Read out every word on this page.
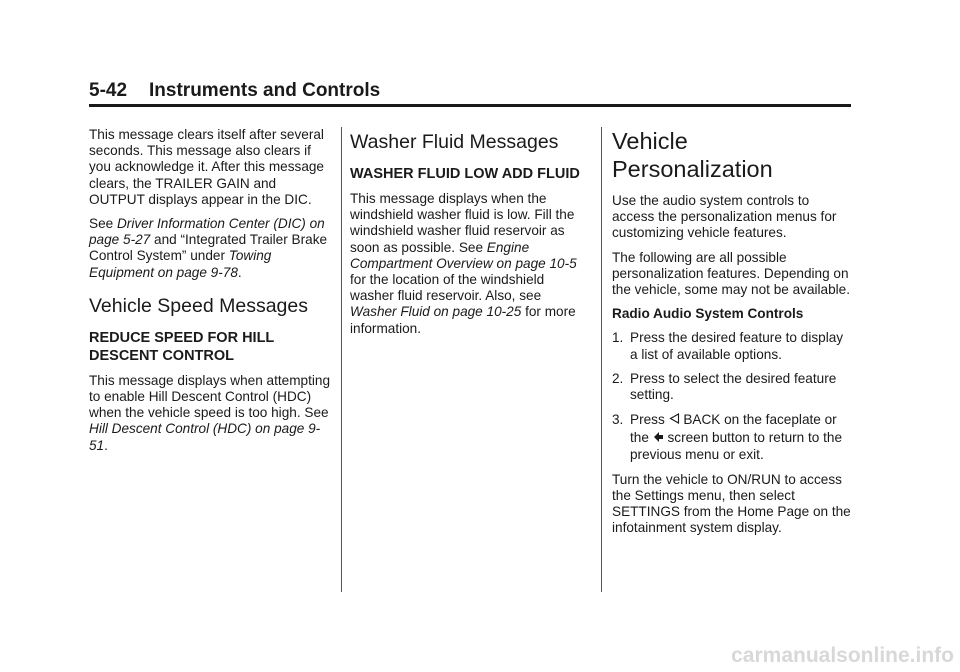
5-42 Instruments and Controls

This message clears itself after several seconds. This message also clears if you acknowledge it. After this message clears, the TRAILER GAIN and OUTPUT displays appear in the DIC.

See Driver Information Center (DIC) on page 5-27 and “Integrated Trailer Brake Control System” under Towing Equipment on page 9-78.

Vehicle Speed Messages
REDUCE SPEED FOR HILL DESCENT CONTROL

This message displays when attempting to enable Hill Descent Control (HDC) when the vehicle speed is too high. See Hill Descent Control (HDC) on page 9-51.

Washer Fluid Messages
WASHER FLUID LOW ADD FLUID

This message displays when the windshield washer fluid is low. Fill the windshield washer fluid reservoir as soon as possible. See Engine Compartment Overview on page 10-5 for the location of the windshield washer fluid reservoir. Also, see Washer Fluid on page 10-25 for more information.

Vehicle Personalization

Use the audio system controls to access the personalization menus for customizing vehicle features.

The following are all possible personalization features. Depending on the vehicle, some may not be available.

Radio Audio System Controls

1. Press the desired feature to display a list of available options.
2. Press to select the desired feature setting.
3. Press BACK on the faceplate or the screen button to return to the previous menu or exit.

Turn the vehicle to ON/RUN to access the Settings menu, then select SETTINGS from the Home Page on the infotainment system display.

carmanualsonline.info
